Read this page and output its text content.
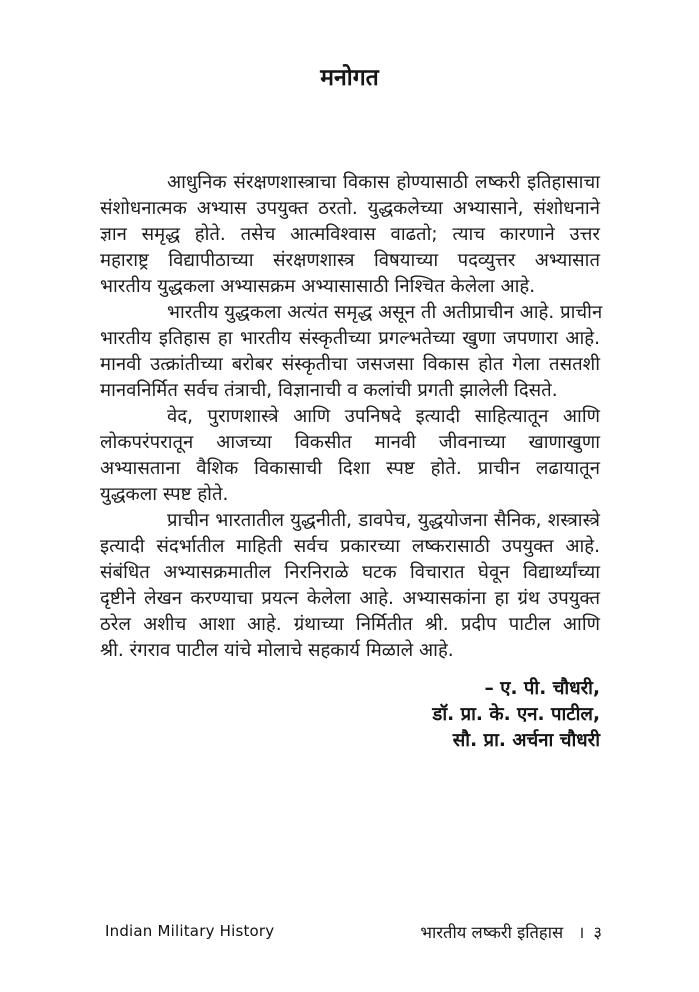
मनोगत

आधुनिक संरक्षणशास्त्राचा विकास होण्यासाठी लष्करी इतिहासाचा
संशोधनात्मक अभ्यास उपयुक्त ठरतो. युद्धकलेच्या अभ्यासाने, संशोधनाने
ज्ञान समृद्ध होते. तसेच आत्मविश्वास वाढतो; त्याच कारणाने उत्तर
महाराष्ट्र विद्यापीठाच्या संरक्षणशास्त्र विषयाच्या पदव्युत्तर अभ्यासात
भारतीय युद्धकला अभ्यासक्रम अभ्यासासाठी निश्चित केलेला आहे.

भारतीय युद्धकला अत्यंत समृद्ध असून ती अतीप्राचीन आहे. प्राचीन
भारतीय इतिहास हा भारतीय संस्कृतीच्या प्रगल्भतेच्या खुणा जपणारा आहे.
मानवी उत्क्रांतीच्या बरोबर संस्कृतीचा जसजसा विकास होत गेला तसतशी
मानवनिर्मित सर्वच तंत्राची, विज्ञानाची व कलांची प्रगती झालेली दिसते.

वेद, पुराणशास्त्रे आणि उपनिषदे इत्यादी साहित्यातून आणि
लोकपरंपरातून आजच्या विकसीत मानवी जीवनाच्या खाणाखुणा
अभ्यासताना वैशिक विकासाची दिशा स्पष्ट होते. प्राचीन लढायातून
युद्धकला स्पष्ट होते.

प्राचीन भारतातील युद्धनीती, डावपेच, युद्धयोजना सैनिक, शस्त्रास्त्रे
इत्यादी संदर्भातील माहिती सर्वच प्रकारच्या लष्करासाठी उपयुक्त आहे.
संबंधित अभ्यासक्रमातील निरनिराळे घटक विचारात घेवून विद्यार्थ्यांच्या
दृष्टीने लेखन करण्याचा प्रयत्न केलेला आहे. अभ्यासकांना हा ग्रंथ उपयुक्त
ठरेल अशीच आशा आहे. ग्रंथाच्या निर्मितीत श्री. प्रदीप पाटील आणि
श्री. रंगराव पाटील यांचे मोलाचे सहकार्य मिळाले आहे.

– ए. पी. चौधरी,
डॉ. प्रा. के. एन. पाटील,
सौ. प्रा. अर्चना चौधरी
Indian Military History	भारतीय लष्करी इतिहास । ३
